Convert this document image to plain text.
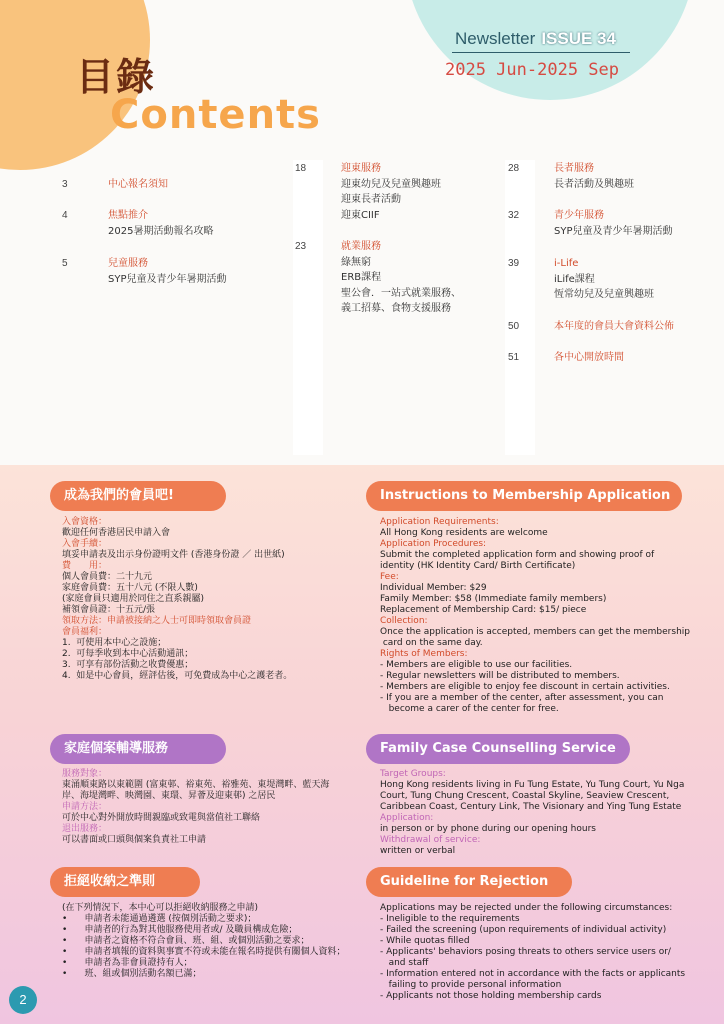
目錄
Contents
Newsletter ISSUE 34
2025 Jun-2025 Sep
3	中心報名須知
4	焦點推介
2025暑期活動報名攻略
5	兒童服務
SYP兒童及青少年暑期活動
18	迎東服務
迎東幼兒及兒童興趣班
迎東長者活動
迎東CIIF
23	就業服務
綠無窮
ERB課程
聖公會．一站式就業服務、
義工招募、食物支援服務
28	長者服務
長者活動及興趣班
32	青少年服務
SYP兒童及青少年暑期活動
39	i-Life
iLife課程
恆常幼兒及兒童興趣班
50	本年度的會員大會資料公佈
51	各中心開放時間
成為我們的會員吧!	Instructions to Membership Application
家庭個案輔導服務	Family Case Counselling Service
拒絕收納之準則	Guideline for Rejection
入會資格：
歡迎任何香港居民申請入會
入會手續：
填妥申請表及出示身份證明文件 (香港身份證 ／ 出世紙)
費　　用：
個人會員費：二十九元
家庭會員費：五十八元 (不限人數)
(家庭會員只適用於同住之直系親屬)
補領會員證：十五元/張
領取方法：申請被接納之人士可即時領取會員證
會員福利：
1.  可使用本中心之設施；
2.  可每季收到本中心活動通訊；
3.  可享有部份活動之收費優惠；
4.  如是中心會員，經評估後，可免費成為中心之護老者。
Application Requirements:
All Hong Kong residents are welcome
Application Procedures:
Submit the completed application form and showing proof of
identity (HK Identity Card/ Birth Certificate)
Fee:
Individual Member: $29
Family Member: $58 (Immediate family members)
Replacement of Membership Card: $15/ piece
Collection:
Once the application is accepted, members can get the membership
card on the same day.
Rights of Members:
- Members are eligible to use our facilities.
- Regular newsletters will be distributed to members.
- Members are eligible to enjoy fee discount in certain activities.
- If you are a member of the center, after assessment, you can
become a carer of the center for free.
服務對象：
東涌順東路以東範圍 (富東邨、裕東苑、裕雅苑、東堤灣畔、藍天海
岸、海堤灣畔、映灣園、東環、昇薈及迎東邨) 之居民
申請方法：
可於中心對外開放時間親臨或致電與當值社工聯絡
退出服務：
可以書面或口頭與個案負責社工申請
Target Groups:
Hong Kong residents living in Fu Tung Estate, Yu Tung Court, Yu Nga
Court, Tung Chung Crescent, Coastal Skyline, Seaview Crescent,
Caribbean Coast, Century Link, The Visionary and Ying Tung Estate
Application:
in person or by phone during our opening hours
Withdrawal of service:
written or verbal
(在下列情況下，本中心可以拒絕收納服務之申請)
•      申請者未能通過遴選 (按個別活動之要求)；
•      申請者的行為對其他服務使用者或/ 及職員構成危險；
•      申請者之資格不符合會員、班、組、或個別活動之要求；
•      申請者填報的資料與事實不符或未能在報名時提供有關個人資料；
•      申請者為非會員證持有人；
•      班、組或個別活動名額已滿；
Applications may be rejected under the following circumstances:
- Ineligible to the requirements
- Failed the screening (upon requirements of individual activity)
- While quotas filled
- Applicants' behaviors posing threats to others service users or/
and staff
- Information entered not in accordance with the facts or applicants
failing to provide personal information
- Applicants not those holding membership cards
2
